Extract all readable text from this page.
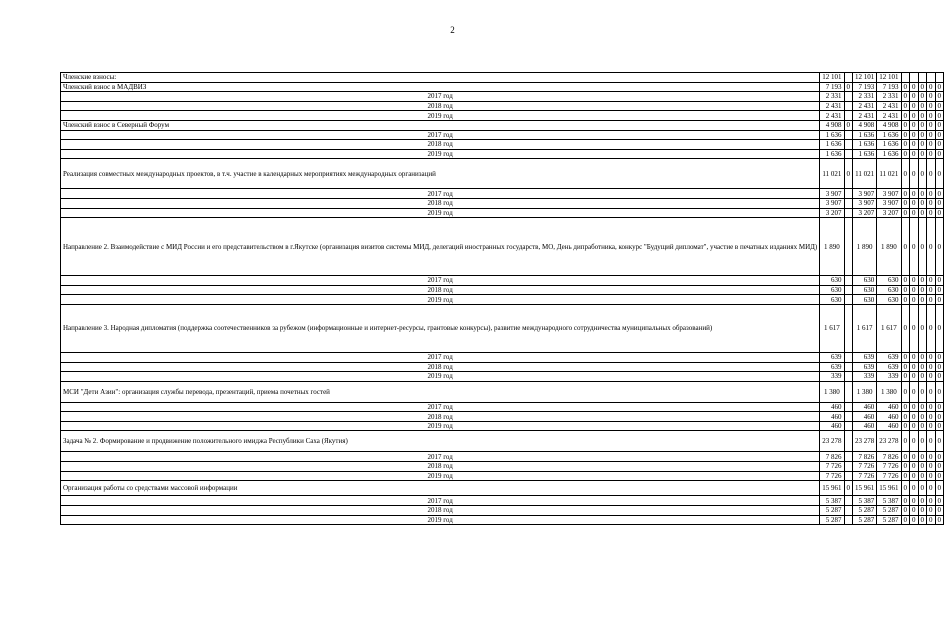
2
Членские взносы:	12 101		12 101	12 101					
Членский взнос в МАДВИЗ	7 193	0	7 193	7 193	0	0	0	0	0
2017 год	2 331		2 331	2 331	0	0	0	0	0
2018 год	2 431		2 431	2 431	0	0	0	0	0
2019 год	2 431		2 431	2 431	0	0	0	0	0
Членский взнос в Северный Форум	4 908	0	4 908	4 908	0	0	0	0	0
2017 год	1 636		1 636	1 636	0	0	0	0	0
2018 год	1 636		1 636	1 636	0	0	0	0	0
2019 год	1 636		1 636	1 636	0	0	0	0	0
Реализация совместных международных проектов, в т.ч. участие в календарных мероприятиях международных организаций	11 021	0	11 021	11 021	0	0	0	0	0
2017 год	3 907		3 907	3 907	0	0	0	0	0
2018 год	3 907		3 907	3 907	0	0	0	0	0
2019 год	3 207		3 207	3 207	0	0	0	0	0
Направление 2. Взаимодействие с МИД России и его представительством в г.Якутске (организация визитов системы МИД, делегаций иностранных государств, МО, День дипработника, конкурс "Будущий дипломат", участие в печатных изданиях МИД)	1 890		1 890	1 890	0	0	0	0	0
2017 год	630		630	630	0	0	0	0	0
2018 год	630		630	630	0	0	0	0	0
2019 год	630		630	630	0	0	0	0	0
Направление 3. Народная дипломатия (поддержка соотечественников за рубежом (информационные и интернет-ресурсы, грантовые конкурсы), развитие международного сотрудничества муниципальных образований)	1 617		1 617	1 617	0	0	0	0	0
2017 год	639		639	639	0	0	0	0	0
2018 год	639		639	639	0	0	0	0	0
2019 год	339		339	339	0	0	0	0	0
МСИ "Дети Азии": организация службы перевода, презентаций, приема почетных гостей	1 380		1 380	1 380	0	0	0	0	0
2017 год	460		460	460	0	0	0	0	0
2018 год	460		460	460	0	0	0	0	0
2019 год	460		460	460	0	0	0	0	0
Задача № 2. Формирование и продвижение положительного имиджа Республики Саха (Якутия)	23 278		23 278	23 278	0	0	0	0	0
2017 год	7 826		7 826	7 826	0	0	0	0	0
2018 год	7 726		7 726	7 726	0	0	0	0	0
2019 год	7 726		7 726	7 726	0	0	0	0	0
Организация работы со средствами массовой информации	15 961	0	15 961	15 961	0	0	0	0	0
2017 год	5 387		5 387	5 387	0	0	0	0	0
2018 год	5 287		5 287	5 287	0	0	0	0	0
2019 год	5 287		5 287	5 287	0	0	0	0	0
